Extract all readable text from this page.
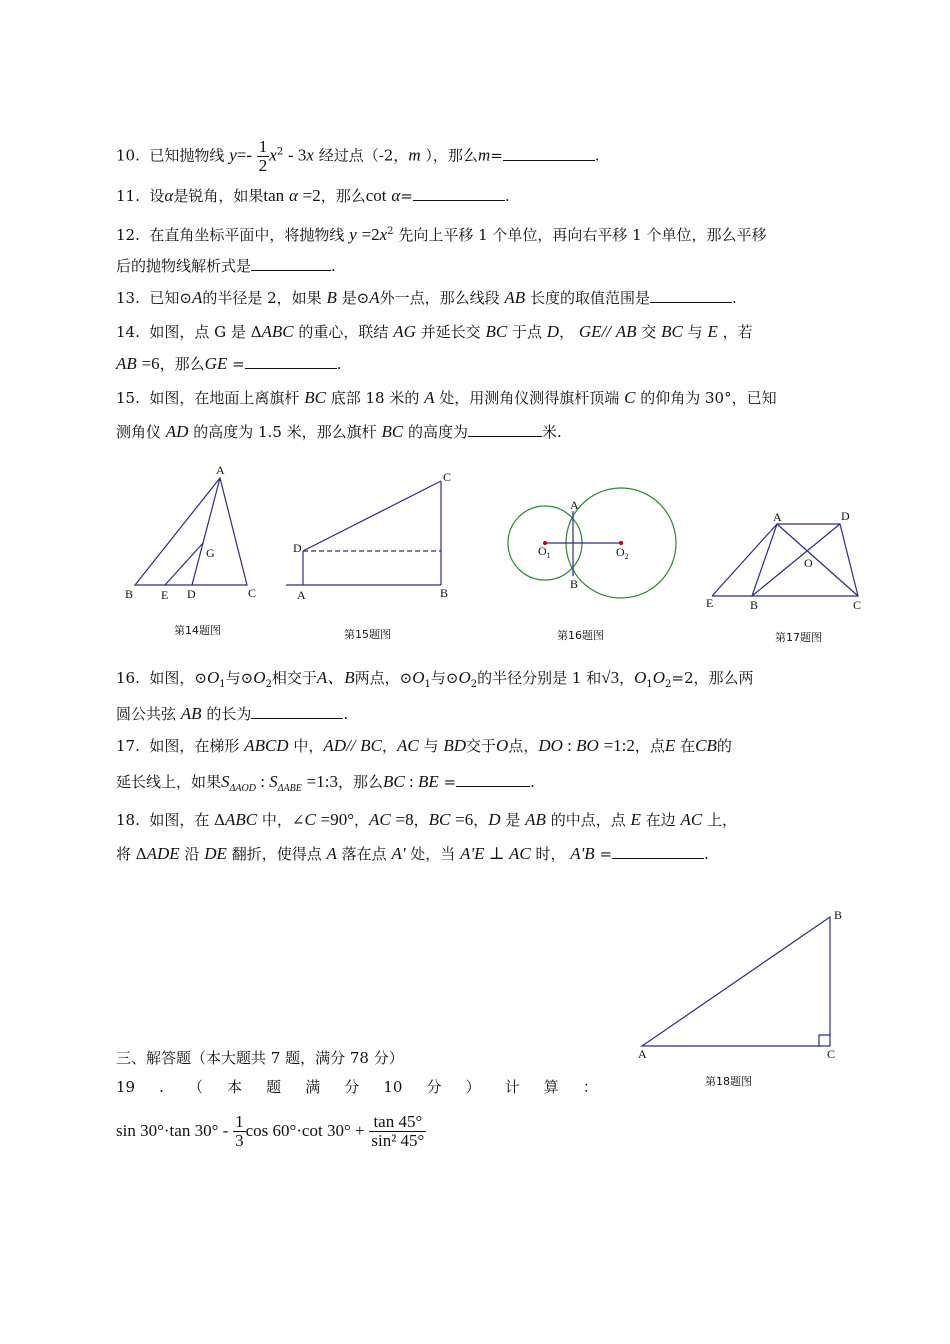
10. 已知抛物线 $y=- \frac{1}{2} x^2 - 3x$ 经过点（-2，m ），那么m=	.
11. 设α是锐角，如果tan α =2，那么cot α=	.
12. 在直角坐标平面中，将抛物线 $y =2x^2$ 先向上平移 1 个单位，再向右平移 1 个单位，那么平移
后的抛物线解析式是	.
13. 已知⊙A的半径是 2，如果 B 是⊙A外一点，那么线段 AB 长度的取值范围是	.
14. 如图，点 G 是 ΔABC 的重心，联结 AG 并延长交 BC 于点 D， GE// AB 交 BC 与 E ，若
AB =6，那么GE =	.
15. 如图，在地面上离旗杆 BC 底部 18 米的 A 处，用测角仪测得旗杆顶端 C 的仰角为 30°，已知
测角仪 AD 的高度为 1.5 米，那么旗杆 BC 的高度为	米.
A
B	C
D
E
G
A	B
C
D
A
B
$O_1$	$O_2$
A
B	C
D
E
O
第14题图	第15题图	第16题图	第17题图
16. 如图，$⊙O_1$与$⊙O_2$相交于A、B两点，$⊙O_1$与$⊙O_2$的半径分别是 1 和√3，$O_1O_2=2$，那么两
圆公共弦 AB 的长为	.
17. 如图，在梯形 ABCD 中，AD// BC，AC 与 BD交于O点，DO : BO =1:2，点E 在CB的
延长线上，如果$S_{\Delta AOD}$ : $S_{\Delta ABE}$ =1:3，那么BC : BE =	.
18. 如图，在 ΔABC 中，∠C =90°，AC =8，BC =6，D 是 AB 的中点，点 E 在边 AC 上，
将 ΔADE 沿 DE 翻折，使得点 A 落在点 A' 处，当 A'E ⊥ AC 时， A'B =	.
A
B
C
第18题图
三、解答题（本大题共 7 题，满分 78 分）
19 . （ 本 题 满 分 10 分 ） 计 算 ：
sin 30°·tan 30° -
$\frac{1}{3}$ cos 60°·cot 30° +
$\frac{\tan 45^\circ}{\text{sin² 45°}}$
